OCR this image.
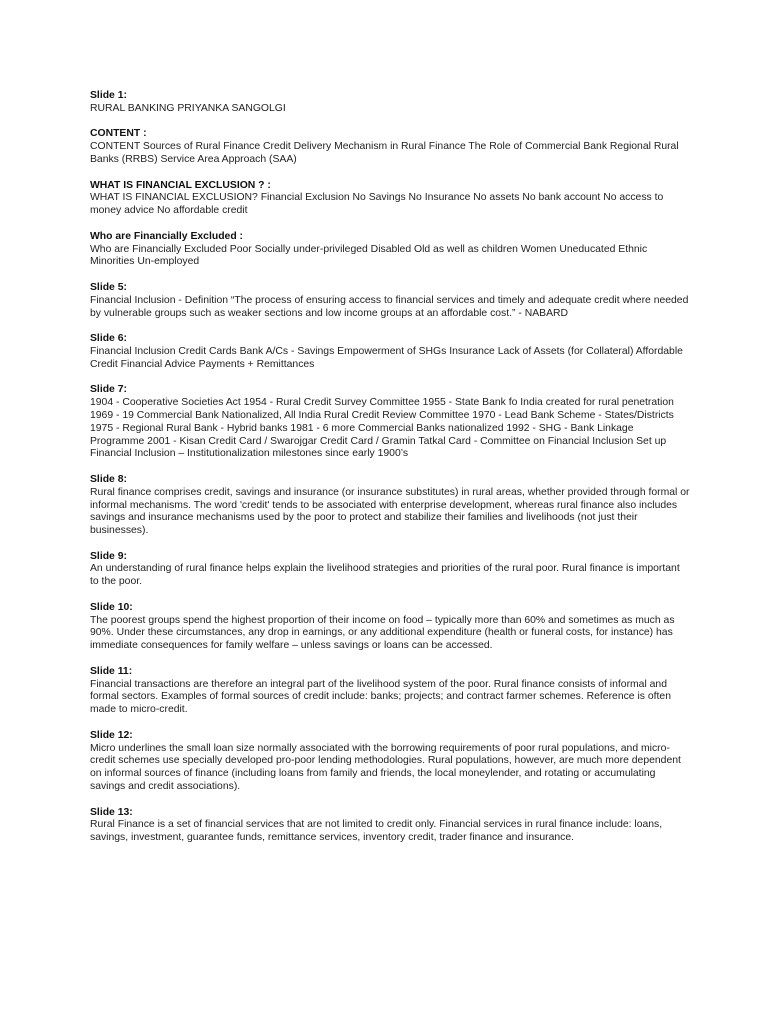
Slide 1:
RURAL BANKING PRIYANKA SANGOLGI
CONTENT :
CONTENT Sources of Rural Finance Credit Delivery Mechanism in Rural Finance The Role of Commercial Bank Regional Rural Banks (RRBS) Service Area Approach (SAA)
WHAT IS FINANCIAL EXCLUSION ? :
WHAT IS FINANCIAL EXCLUSION? Financial Exclusion No Savings No Insurance No assets No bank account No access to money advice No affordable credit
Who are Financially Excluded :
Who are Financially Excluded Poor Socially under-privileged Disabled Old as well as children Women Uneducated Ethnic Minorities Un-employed
Slide 5:
Financial Inclusion - Definition “The process of ensuring access to financial services and timely and adequate credit where needed by vulnerable groups such as weaker sections and low income groups at an affordable cost.” - NABARD
Slide 6:
Financial Inclusion Credit Cards Bank A/Cs - Savings Empowerment of SHGs Insurance Lack of Assets (for Collateral) Affordable Credit Financial Advice Payments + Remittances
Slide 7:
1904 - Cooperative Societies Act 1954 - Rural Credit Survey Committee 1955 - State Bank fo India created for rural penetration 1969 - 19 Commercial Bank Nationalized, All India Rural Credit Review Committee 1970 - Lead Bank Scheme - States/Districts 1975 - Regional Rural Bank - Hybrid banks 1981 - 6 more Commercial Banks nationalized 1992 - SHG - Bank Linkage Programme 2001 - Kisan Credit Card / Swarojgar Credit Card / Gramin Tatkal Card - Committee on Financial Inclusion Set up Financial Inclusion – Institutionalization milestones since early 1900’s
Slide 8:
Rural finance comprises credit, savings and insurance (or insurance substitutes) in rural areas, whether provided through formal or informal mechanisms. The word 'credit' tends to be associated with enterprise development, whereas rural finance also includes savings and insurance mechanisms used by the poor to protect and stabilize their families and livelihoods (not just their businesses).
Slide 9:
An understanding of rural finance helps explain the livelihood strategies and priorities of the rural poor. Rural finance is important to the poor.
Slide 10:
The poorest groups spend the highest proportion of their income on food – typically more than 60% and sometimes as much as 90%. Under these circumstances, any drop in earnings, or any additional expenditure (health or funeral costs, for instance) has immediate consequences for family welfare – unless savings or loans can be accessed.
Slide 11:
Financial transactions are therefore an integral part of the livelihood system of the poor. Rural finance consists of informal and formal sectors. Examples of formal sources of credit include: banks; projects; and contract farmer schemes. Reference is often made to micro-credit.
Slide 12:
Micro underlines the small loan size normally associated with the borrowing requirements of poor rural populations, and micro-credit schemes use specially developed pro-poor lending methodologies. Rural populations, however, are much more dependent on informal sources of finance (including loans from family and friends, the local moneylender, and rotating or accumulating savings and credit associations).
Slide 13:
Rural Finance is a set of financial services that are not limited to credit only. Financial services in rural finance include: loans, savings, investment, guarantee funds, remittance services, inventory credit, trader finance and insurance.
